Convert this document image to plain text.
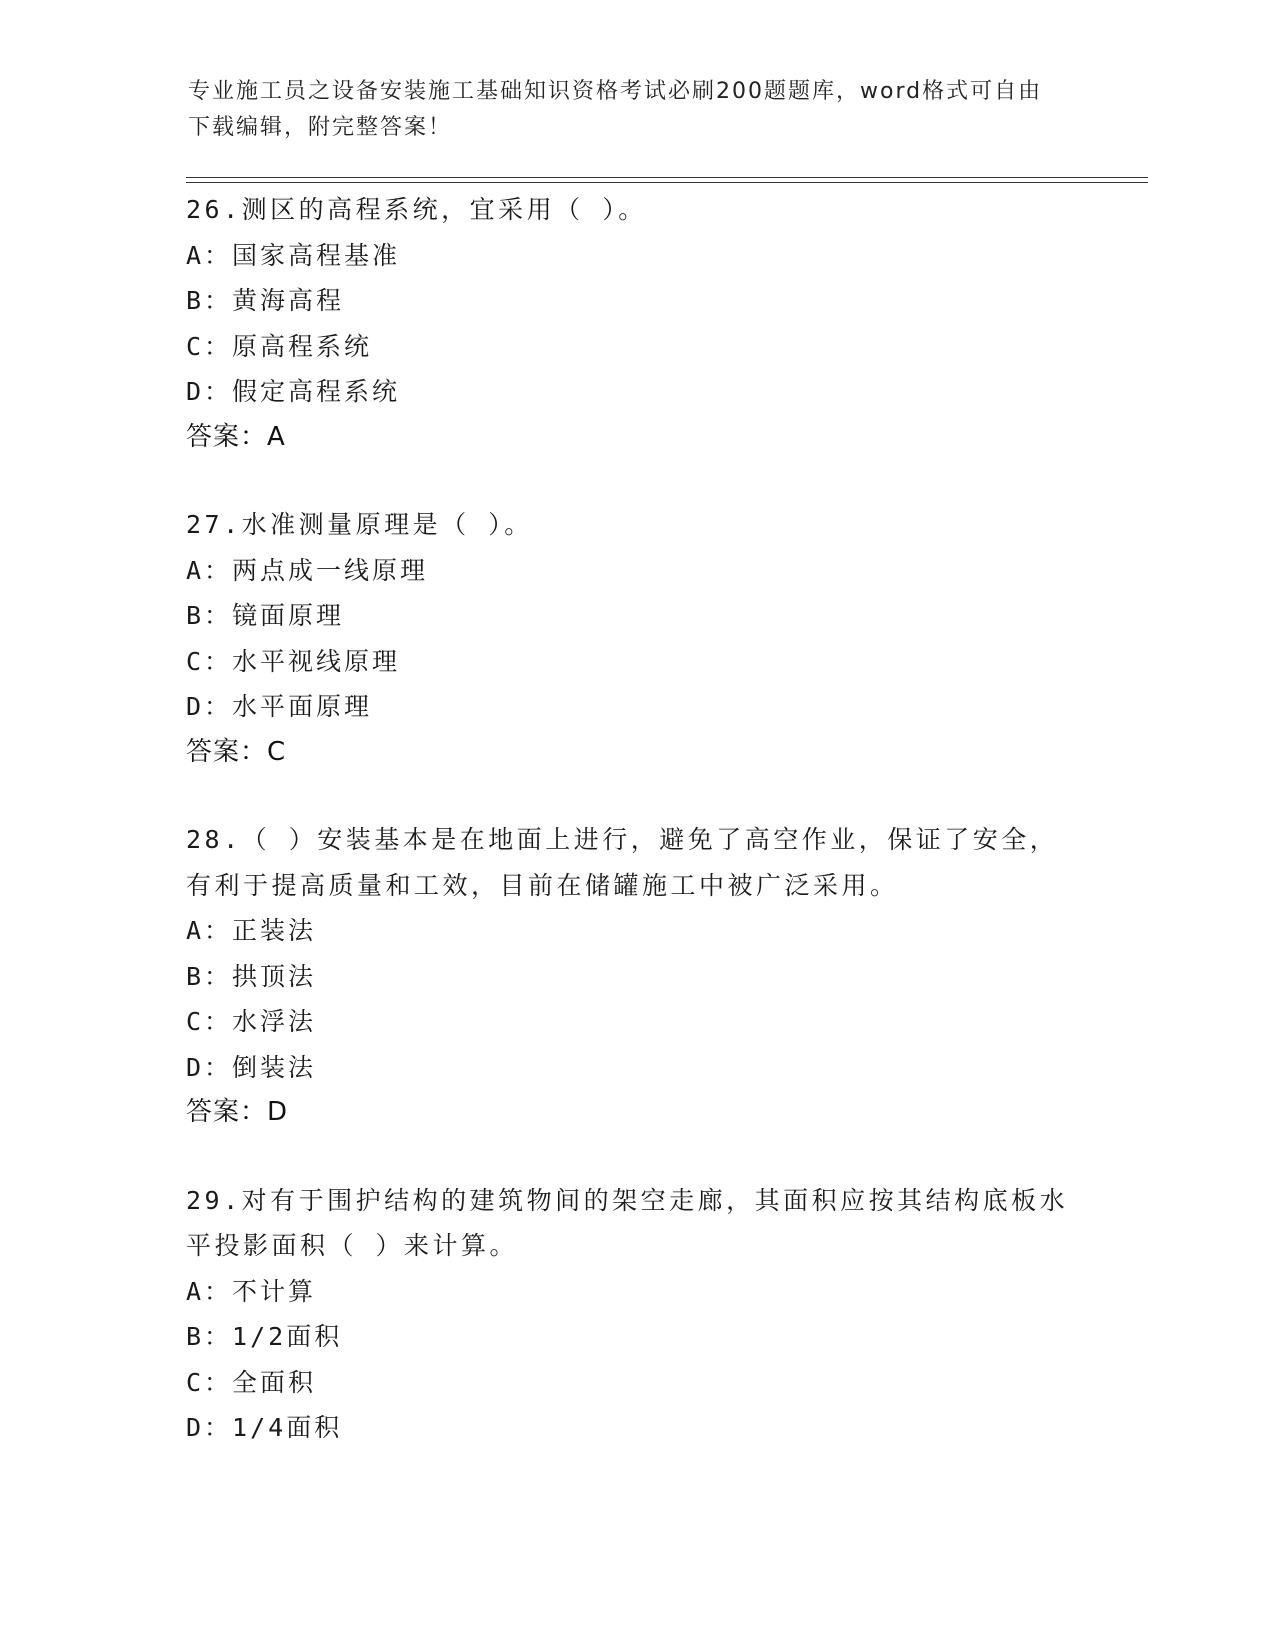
专业施工员之设备安装施工基础知识资格考试必刷200题题库，word格式可自由
下载编辑，附完整答案！
26.测区的高程系统，宜采用（ ）。
A：国家高程基准
B：黄海高程
C：原高程系统
D：假定高程系统
答案：A
27.水准测量原理是（ ）。
A：两点成一线原理
B：镜面原理
C：水平视线原理
D：水平面原理
答案：C
28.（ ）安装基本是在地面上进行，避免了高空作业，保证了安全，
有利于提高质量和工效，目前在储罐施工中被广泛采用。
A：正装法
B：拱顶法
C：水浮法
D：倒装法
答案：D
29.对有于围护结构的建筑物间的架空走廊，其面积应按其结构底板水
平投影面积（ ）来计算。
A：不计算
B：1/2面积
C：全面积
D：1/4面积
